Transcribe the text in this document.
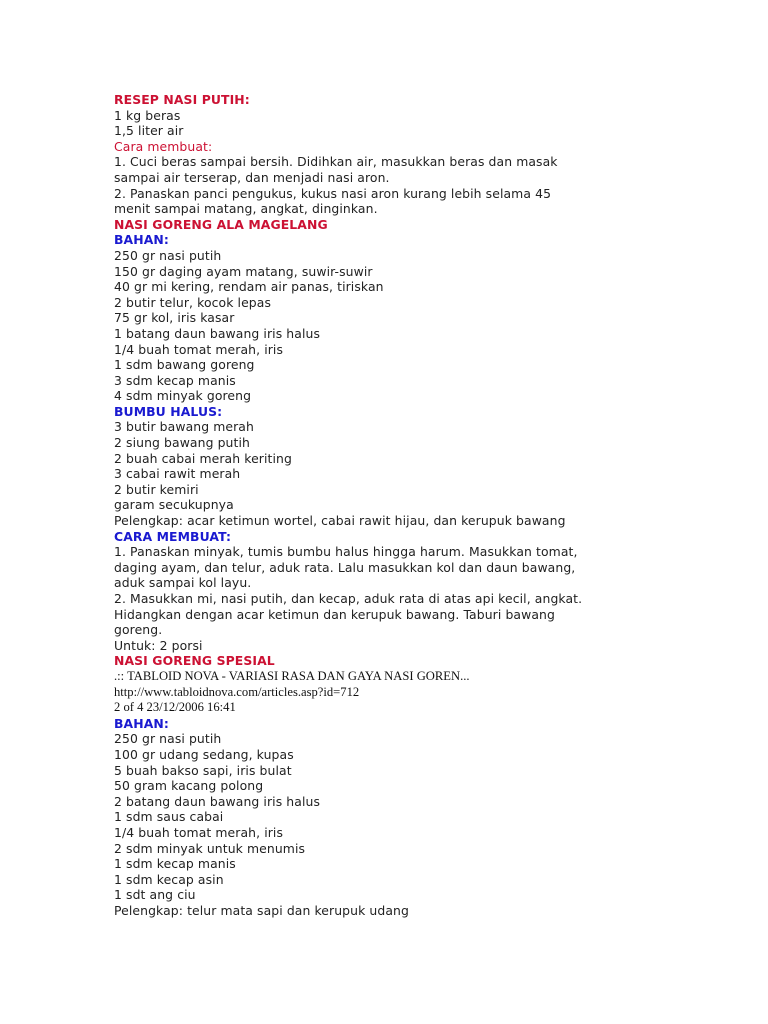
RESEP NASI PUTIH:
1 kg beras
1,5 liter air
Cara membuat:
1. Cuci beras sampai bersih. Didihkan air, masukkan beras dan masak
sampai air terserap, dan menjadi nasi aron.
2. Panaskan panci pengukus, kukus nasi aron kurang lebih selama 45
menit sampai matang, angkat, dinginkan.
NASI GORENG ALA MAGELANG
BAHAN:
250 gr nasi putih
150 gr daging ayam matang, suwir-suwir
40 gr mi kering, rendam air panas, tiriskan
2 butir telur, kocok lepas
75 gr kol, iris kasar
1 batang daun bawang iris halus
1/4 buah tomat merah, iris
1 sdm bawang goreng
3 sdm kecap manis
4 sdm minyak goreng
BUMBU HALUS:
3 butir bawang merah
2 siung bawang putih
2 buah cabai merah keriting
3 cabai rawit merah
2 butir kemiri
garam secukupnya
Pelengkap: acar ketimun wortel, cabai rawit hijau, dan kerupuk bawang
CARA MEMBUAT:
1. Panaskan minyak, tumis bumbu halus hingga harum. Masukkan tomat,
daging ayam, dan telur, aduk rata. Lalu masukkan kol dan daun bawang,
aduk sampai kol layu.
2. Masukkan mi, nasi putih, dan kecap, aduk rata di atas api kecil, angkat.
Hidangkan dengan acar ketimun dan kerupuk bawang. Taburi bawang
goreng.
Untuk: 2 porsi
NASI GORENG SPESIAL
.:: TABLOID NOVA - VARIASI RASA DAN GAYA NASI GOREN...
http://www.tabloidnova.com/articles.asp?id=712
2 of 4 23/12/2006 16:41
BAHAN:
250 gr nasi putih
100 gr udang sedang, kupas
5 buah bakso sapi, iris bulat
50 gram kacang polong
2 batang daun bawang iris halus
1 sdm saus cabai
1/4 buah tomat merah, iris
2 sdm minyak untuk menumis
1 sdm kecap manis
1 sdm kecap asin
1 sdt ang ciu
Pelengkap: telur mata sapi dan kerupuk udang
